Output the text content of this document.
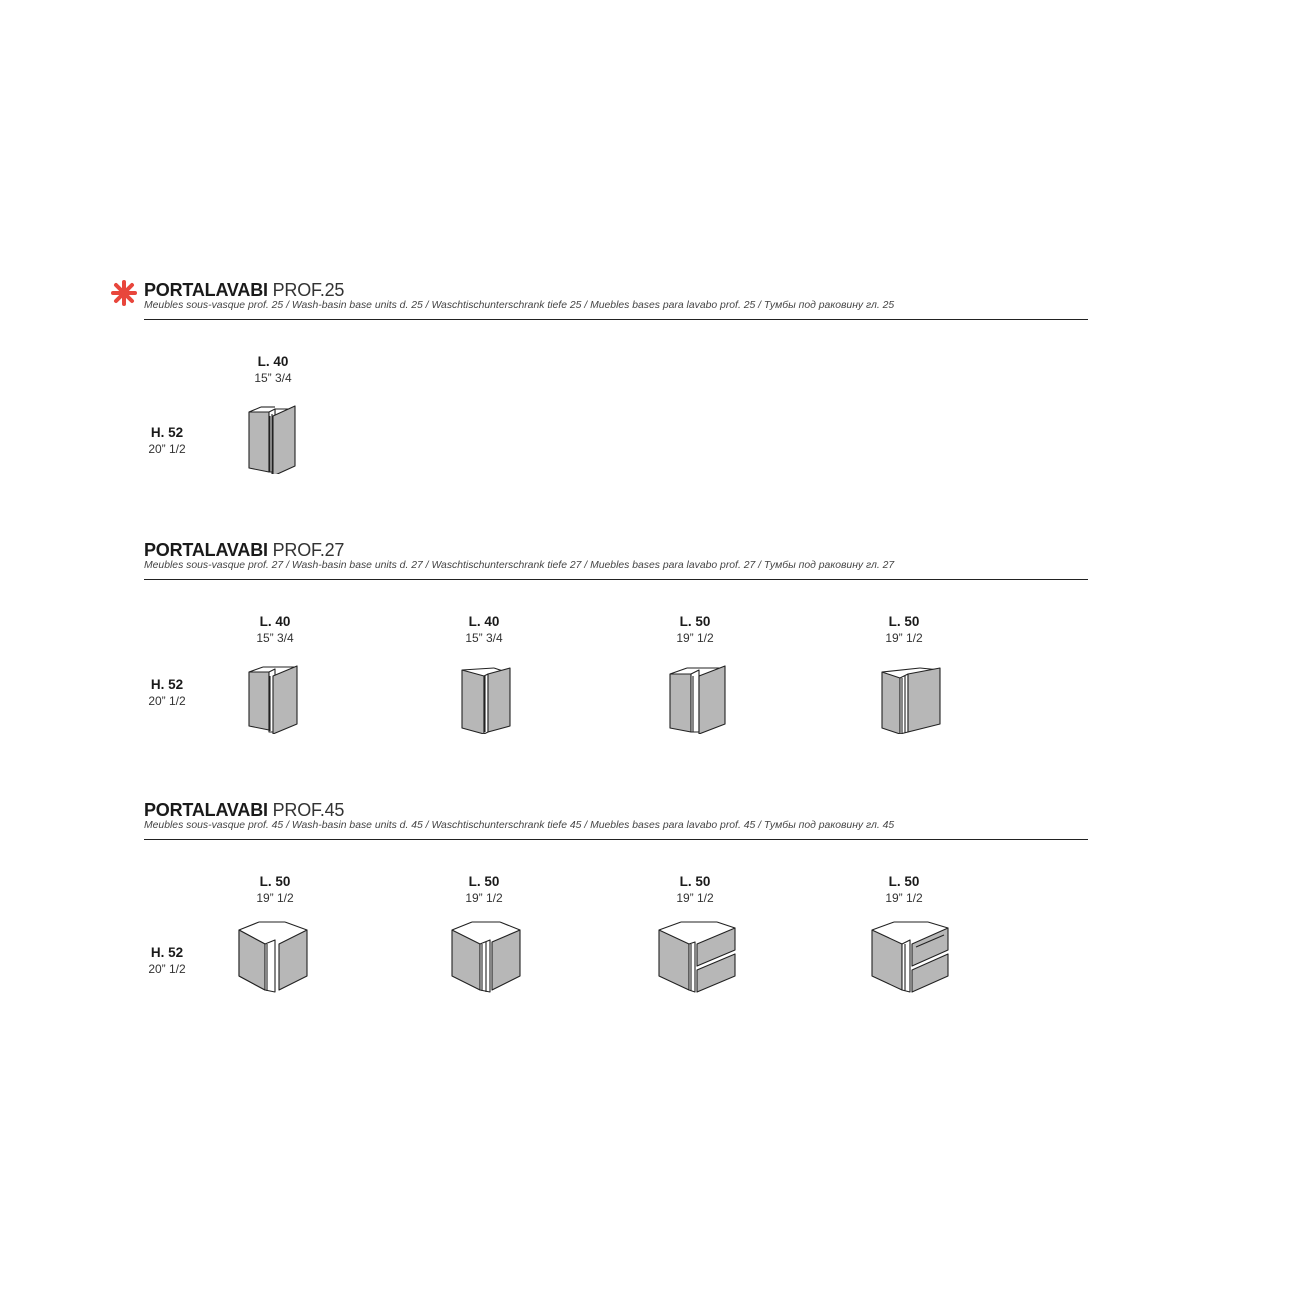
PORTALAVABI PROF.25
Meubles sous-vasque prof. 25 / Wash-basin base units d. 25 / Waschtischunterschrank tiefe 25 / Muebles bases para lavabo prof. 25 / Тумбы под раковину гл. 25
H. 52
20” 1/2
L. 40
15” 3/4
PORTALAVABI PROF.27
Meubles sous-vasque prof. 27 / Wash-basin base units d. 27 / Waschtischunterschrank tiefe 27 / Muebles bases para lavabo prof. 27 / Тумбы под раковину гл. 27
H. 52
20” 1/2
L. 40
15” 3/4
L. 40
15” 3/4
L. 50
19” 1/2
L. 50
19” 1/2
PORTALAVABI PROF.45
Meubles sous-vasque prof. 45 / Wash-basin base units d. 45 / Waschtischunterschrank tiefe 45 / Muebles bases para lavabo prof. 45 / Тумбы под раковину гл. 45
H. 52
20” 1/2
L. 50
19” 1/2
L. 50
19” 1/2
L. 50
19” 1/2
L. 50
19” 1/2
